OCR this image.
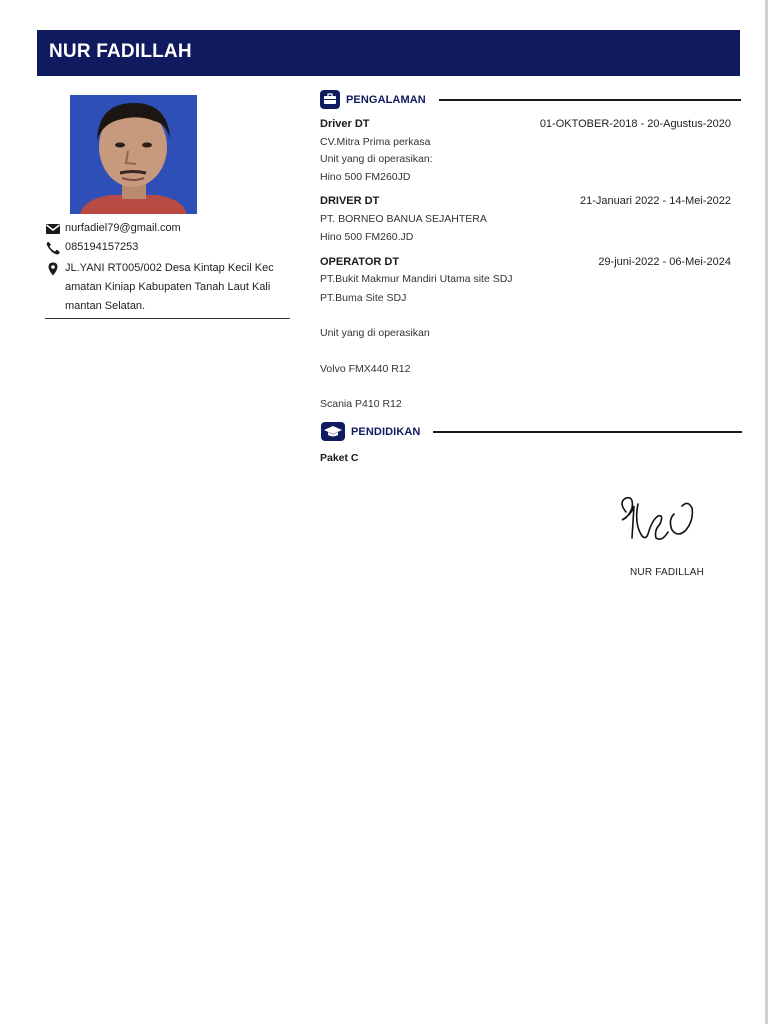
NUR FADILLAH
nurfadiel79@gmail.com
085194157253
JL.YANI RT005/002 Desa Kintap Kecil Kec amatan Kiniap Kabupaten Tanah Laut Kali mantan Selatan.
PENGALAMAN
Driver DT	01-OKTOBER-2018 - 20-Agustus-2020
CV.Mitra Prima perkasa
Unit yang di operasikan:
Hino 500 FM260JD
DRIVER DT	21-Januari 2022 - 14-Mei-2022
PT. BORNEO BANUA SEJAHTERA
Hino 500 FM260.JD
OPERATOR DT	29-juni-2022 - 06-Mei-2024
PT.Bukit Makmur Mandiri Utama site SDJ
PT.Buma Site SDJ
Unit yang di operasikan
Volvo FMX440 R12
Scania P410 R12
PENDIDIKAN
Paket C
NUR FADILLAH
